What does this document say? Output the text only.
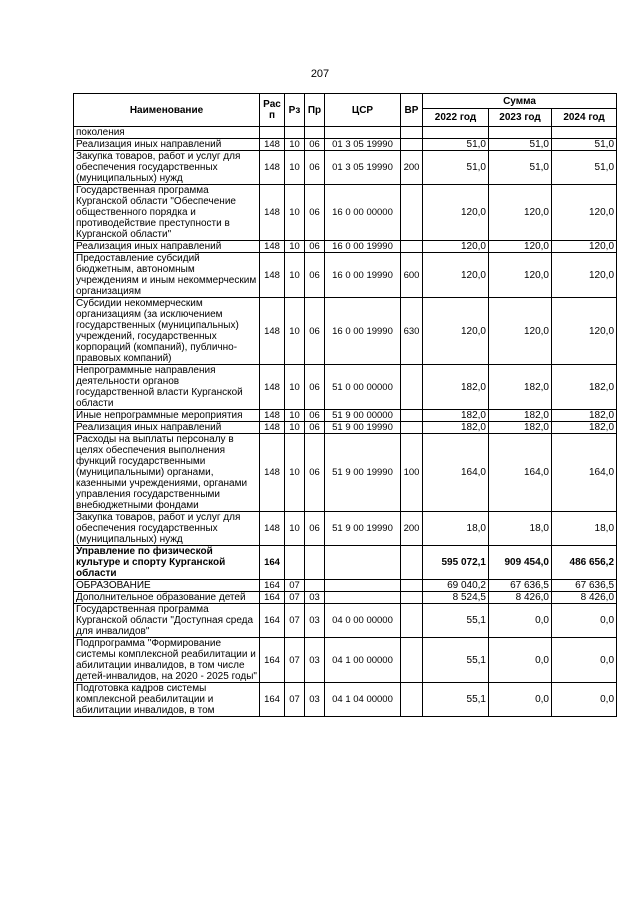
207
Наименование	Рас п	Рз	Пр	ЦСР	ВР	Сумма		
						2022 год	2023 год	2024 год
поколения								
Реализация иных направлений	148	10	06	01 3 05 19990		51,0	51,0	51,0
Закупка товаров, работ и услуг для обеспечения государственных (муниципальных) нужд	148	10	06	01 3 05 19990	200	51,0	51,0	51,0
Государственная программа Курганской области "Обеспечение общественного порядка и противодействие преступности в Курганской области"	148	10	06	16 0 00 00000		120,0	120,0	120,0
Реализация иных направлений	148	10	06	16 0 00 19990		120,0	120,0	120,0
Предоставление субсидий бюджетным, автономным учреждениям и иным некоммерческим организациям	148	10	06	16 0 00 19990	600	120,0	120,0	120,0
Субсидии некоммерческим организациям (за исключением государственных (муниципальных) учреждений, государственных корпораций (компаний), публично-правовых компаний)	148	10	06	16 0 00 19990	630	120,0	120,0	120,0
Непрограммные направления деятельности органов государственной власти Курганской области	148	10	06	51 0 00 00000		182,0	182,0	182,0
Иные непрограммные мероприятия	148	10	06	51 9 00 00000		182,0	182,0	182,0
Реализация иных направлений	148	10	06	51 9 00 19990		182,0	182,0	182,0
Расходы на выплаты персоналу в целях обеспечения выполнения функций государственными (муниципальными) органами, казенными учреждениями, органами управления государственными внебюджетными фондами	148	10	06	51 9 00 19990	100	164,0	164,0	164,0
Закупка товаров, работ и услуг для обеспечения государственных (муниципальных) нужд	148	10	06	51 9 00 19990	200	18,0	18,0	18,0
Управление по физической культуре и спорту Курганской области	164					595 072,1	909 454,0	486 656,2
ОБРАЗОВАНИЕ	164	07				69 040,2	67 636,5	67 636,5
Дополнительное образование детей	164	07	03			8 524,5	8 426,0	8 426,0
Государственная программа Курганской области "Доступная среда для инвалидов"	164	07	03	04 0 00 00000		55,1	0,0	0,0
Подпрограмма "Формирование системы комплексной реабилитации и абилитации инвалидов, в том числе детей-инвалидов, на 2020 - 2025 годы"	164	07	03	04 1 00 00000		55,1	0,0	0,0
Подготовка кадров системы комплексной реабилитации и абилитации инвалидов, в том	164	07	03	04 1 04 00000		55,1	0,0	0,0
